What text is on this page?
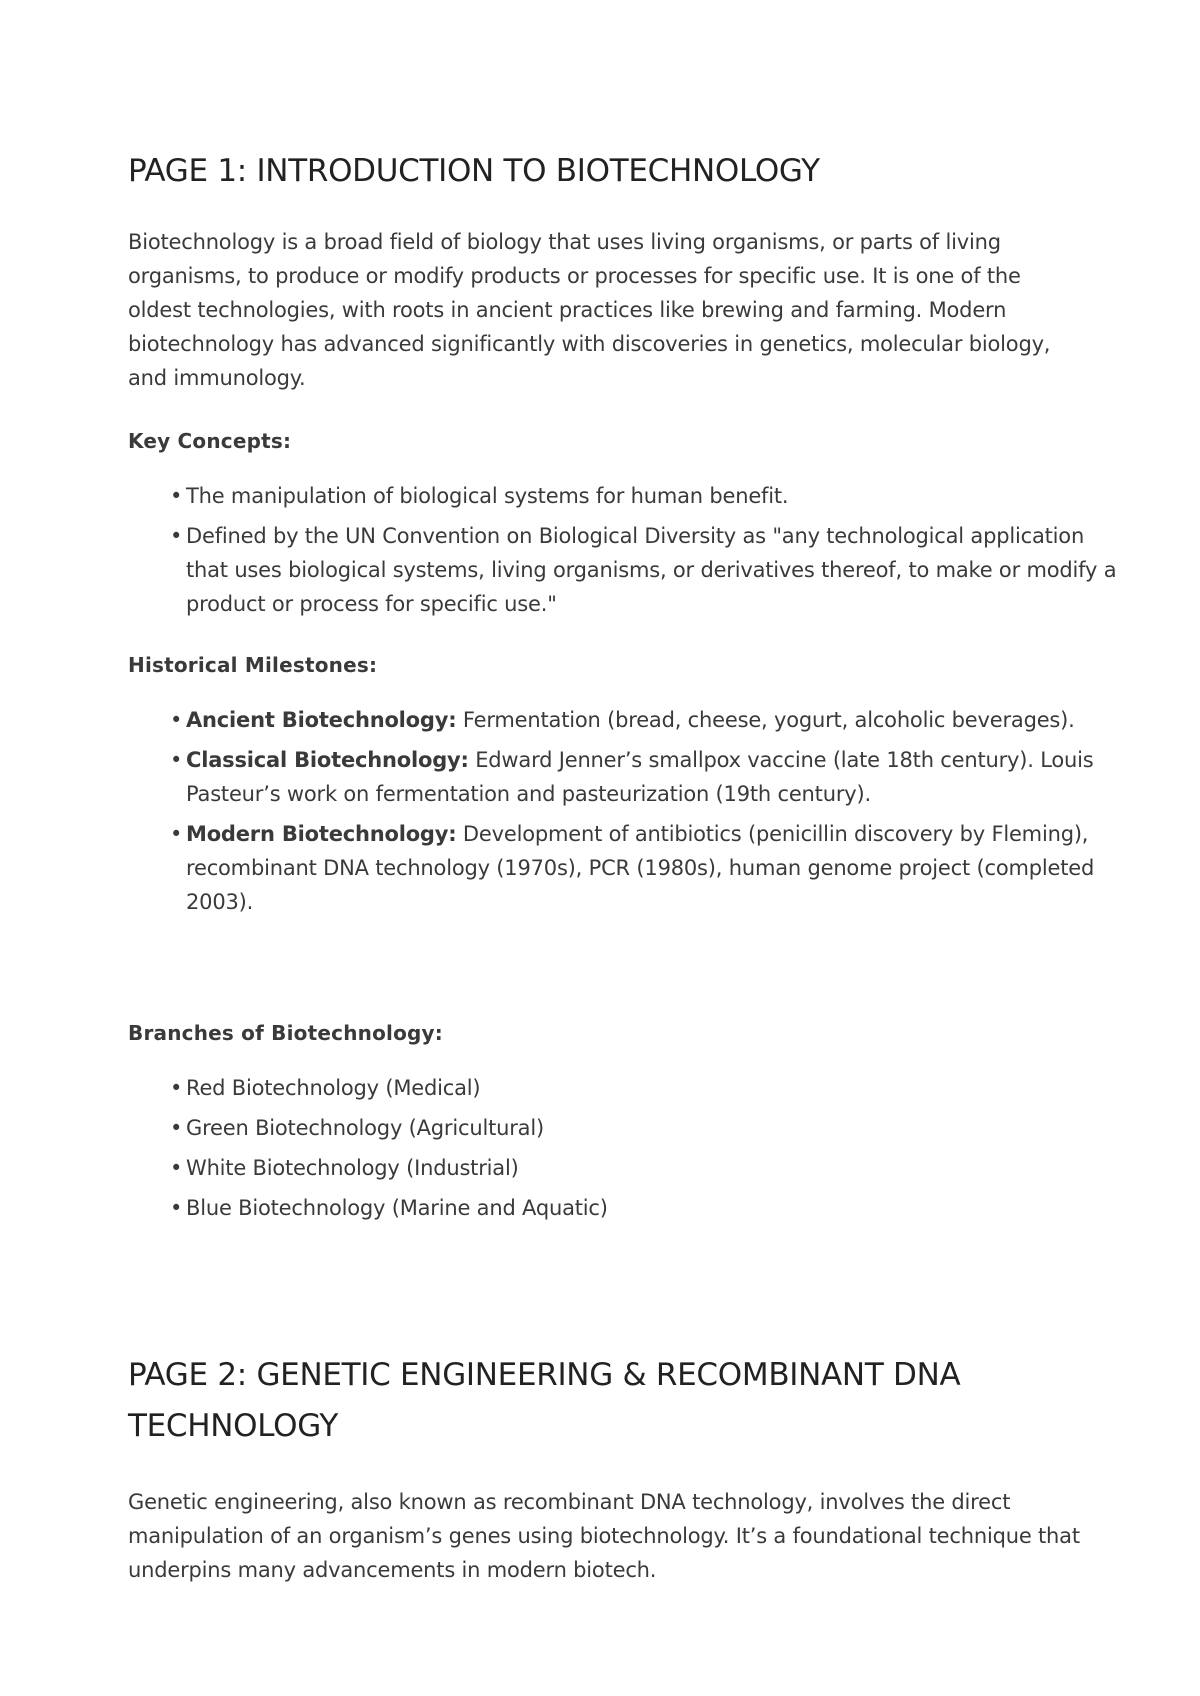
PAGE 1: INTRODUCTION TO BIOTECHNOLOGY

Biotechnology is a broad field of biology that uses living organisms, or parts of living organisms, to produce or modify products or processes for specific use. It is one of the oldest technologies, with roots in ancient practices like brewing and farming. Modern biotechnology has advanced significantly with discoveries in genetics, molecular biology, and immunology.

Key Concepts:

• The manipulation of biological systems for human benefit.
• Defined by the UN Convention on Biological Diversity as "any technological application that uses biological systems, living organisms, or derivatives thereof, to make or modify a product or process for specific use."

Historical Milestones:

• Ancient Biotechnology: Fermentation (bread, cheese, yogurt, alcoholic beverages).
• Classical Biotechnology: Edward Jenner’s smallpox vaccine (late 18th century). Louis Pasteur’s work on fermentation and pasteurization (19th century).
• Modern Biotechnology: Development of antibiotics (penicillin discovery by Fleming), recombinant DNA technology (1970s), PCR (1980s), human genome project (completed 2003).

Branches of Biotechnology:

• Red Biotechnology (Medical)
• Green Biotechnology (Agricultural)
• White Biotechnology (Industrial)
• Blue Biotechnology (Marine and Aquatic)
PAGE 2: GENETIC ENGINEERING & RECOMBINANT DNA TECHNOLOGY

Genetic engineering, also known as recombinant DNA technology, involves the direct manipulation of an organism’s genes using biotechnology. It’s a foundational technique that underpins many advancements in modern biotech.
